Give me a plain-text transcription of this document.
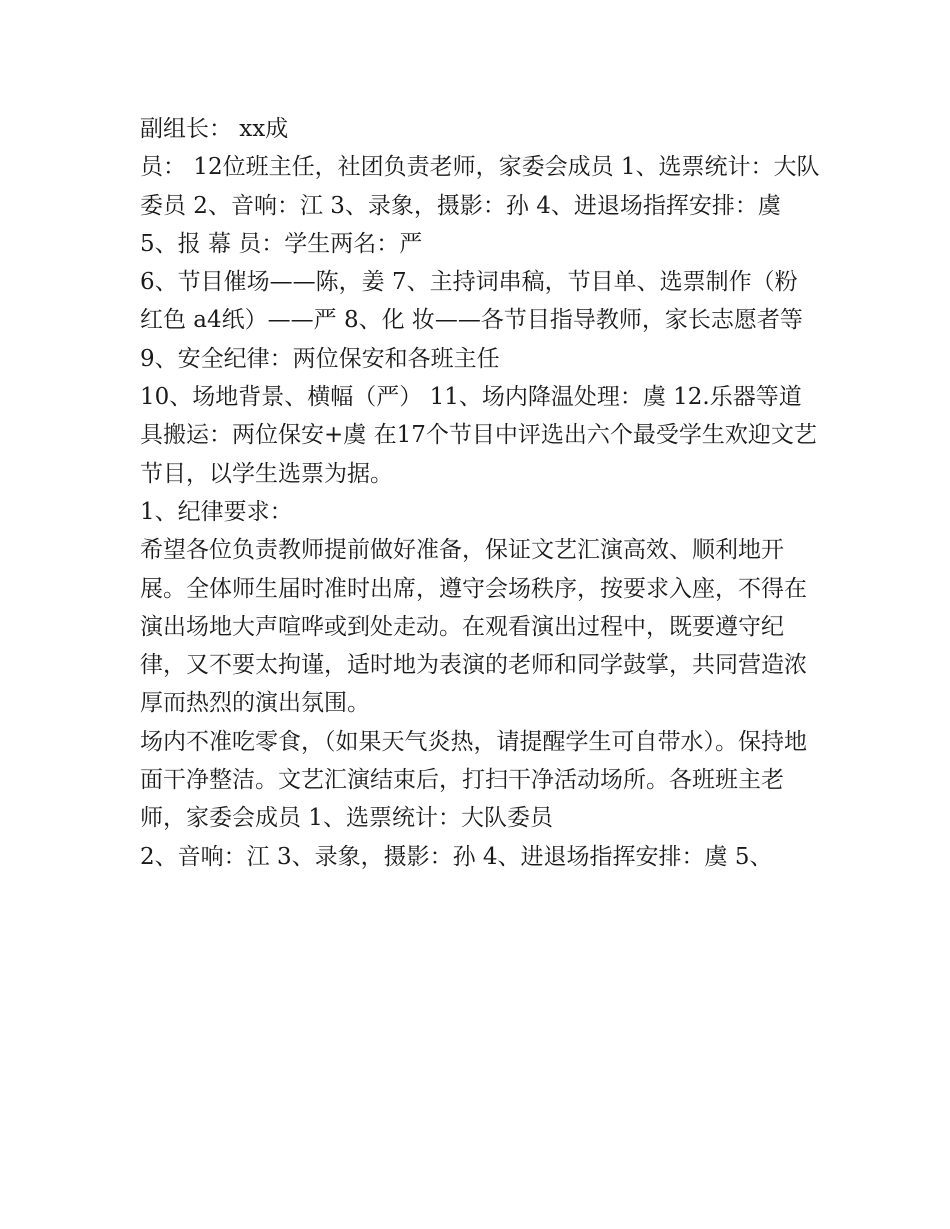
副组长： xx成

员： 12位班主任，社团负责老师，家委会成员 1、选票统计：大队委员 2、音响：江 3、录象，摄影：孙 4、进退场指挥安排：虞 5、报 幕 员：学生两名：严

6、节目催场——陈，姜 7、主持词串稿，节目单、选票制作（粉红色 a4纸）——严 8、化 妆——各节目指导教师，家长志愿者等 9、安全纪律：两位保安和各班主任

10、场地背景、横幅（严） 11、场内降温处理：虞 12.乐器等道具搬运：两位保安+虞 在17个节目中评选出六个最受学生欢迎文艺节目，以学生选票为据。

1、纪律要求：

希望各位负责教师提前做好准备，保证文艺汇演高效、顺利地开展。全体师生届时准时出席，遵守会场秩序，按要求入座，不得在演出场地大声喧哗或到处走动。在观看演出过程中，既要遵守纪律，又不要太拘谨，适时地为表演的老师和同学鼓掌，共同营造浓厚而热烈的演出氛围。

场内不准吃零食，（如果天气炎热，请提醒学生可自带水）。保持地面干净整洁。文艺汇演结束后，打扫干净活动场所。各班班主老师，家委会成员 1、选票统计：大队委员

2、音响：江 3、录象，摄影：孙 4、进退场指挥安排：虞 5、
